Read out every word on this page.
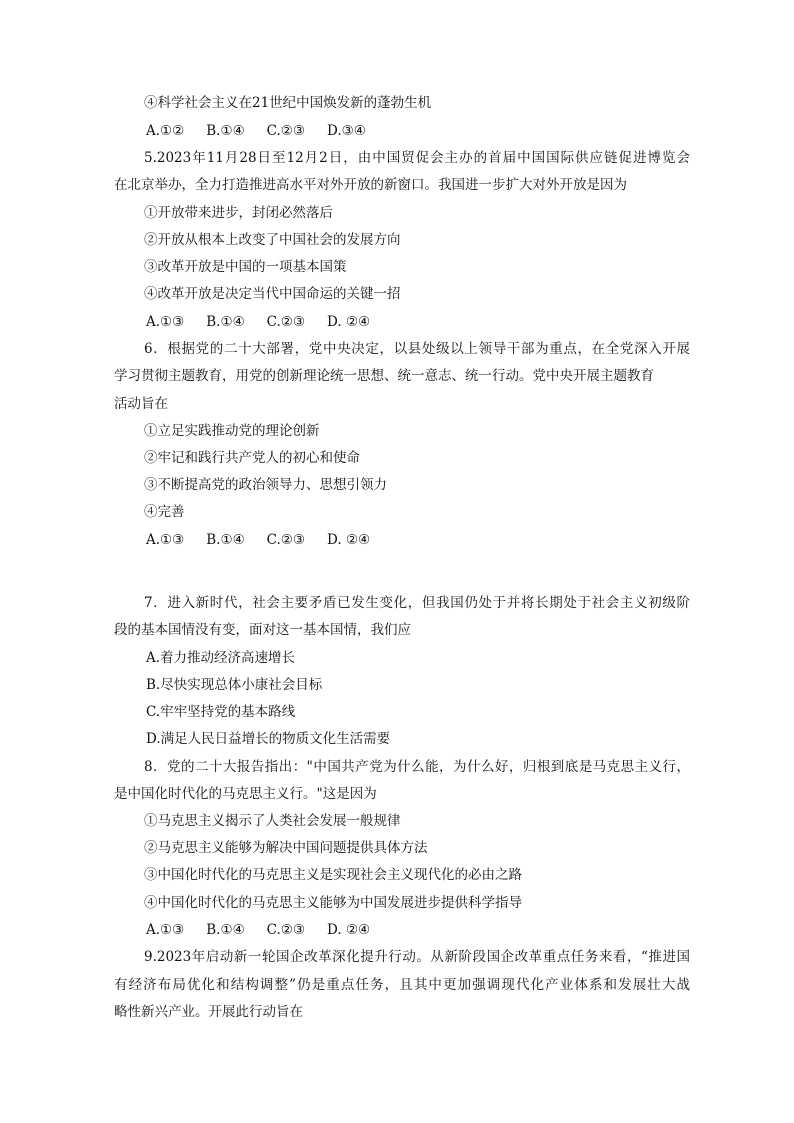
④科学社会主义在21世纪中国焕发新的蓬勃生机
A.①② B.①④ C.②③ D.③④
5.2023年11月28日至12月2日，由中国贸促会主办的首届中国国际供应链促进博览会
在北京举办，全力打造推进高水平对外开放的新窗口。我国进一步扩大对外开放是因为
①开放带来进步，封闭必然落后
②开放从根本上改变了中国社会的发展方向
③改革开放是中国的一项基本国策
④改革开放是决定当代中国命运的关键一招
A.①③ B.①④ C.②③ D. ②④
6．根据党的二十大部署，党中央决定，以县处级以上领导干部为重点，在全党深入开展
学习贯彻主题教育，用党的创新理论统一思想、统一意志、统一行动。党中央开展主题教育
活动旨在
①立足实践推动党的理论创新
②牢记和践行共产党人的初心和使命
③不断提高党的政治领导力、思想引领力
④完善
A.①③ B.①④ C.②③ D. ②④
7．进入新时代，社会主要矛盾已发生变化，但我国仍处于并将长期处于社会主义初级阶
段的基本国情没有变，面对这一基本国情，我们应
A.着力推动经济高速增长
B.尽快实现总体小康社会目标
C.牢牢坚持党的基本路线
D.满足人民日益增长的物质文化生活需要
8．党的二十大报告指出："中国共产党为什么能，为什么好，归根到底是马克思主义行，
是中国化时代化的马克思主义行。"这是因为
①马克思主义揭示了人类社会发展一般规律
②马克思主义能够为解决中国问题提供具体方法
③中国化时代化的马克思主义是实现社会主义现代化的必由之路
④中国化时代化的马克思主义能够为中国发展进步提供科学指导
A.①③ B.①④ C.②③ D. ②④
9.2023年启动新一轮国企改革深化提升行动。从新阶段国企改革重点任务来看，“推进国
有经济布局优化和结构调整”仍是重点任务，且其中更加强调现代化产业体系和发展壮大战
略性新兴产业。开展此行动旨在
